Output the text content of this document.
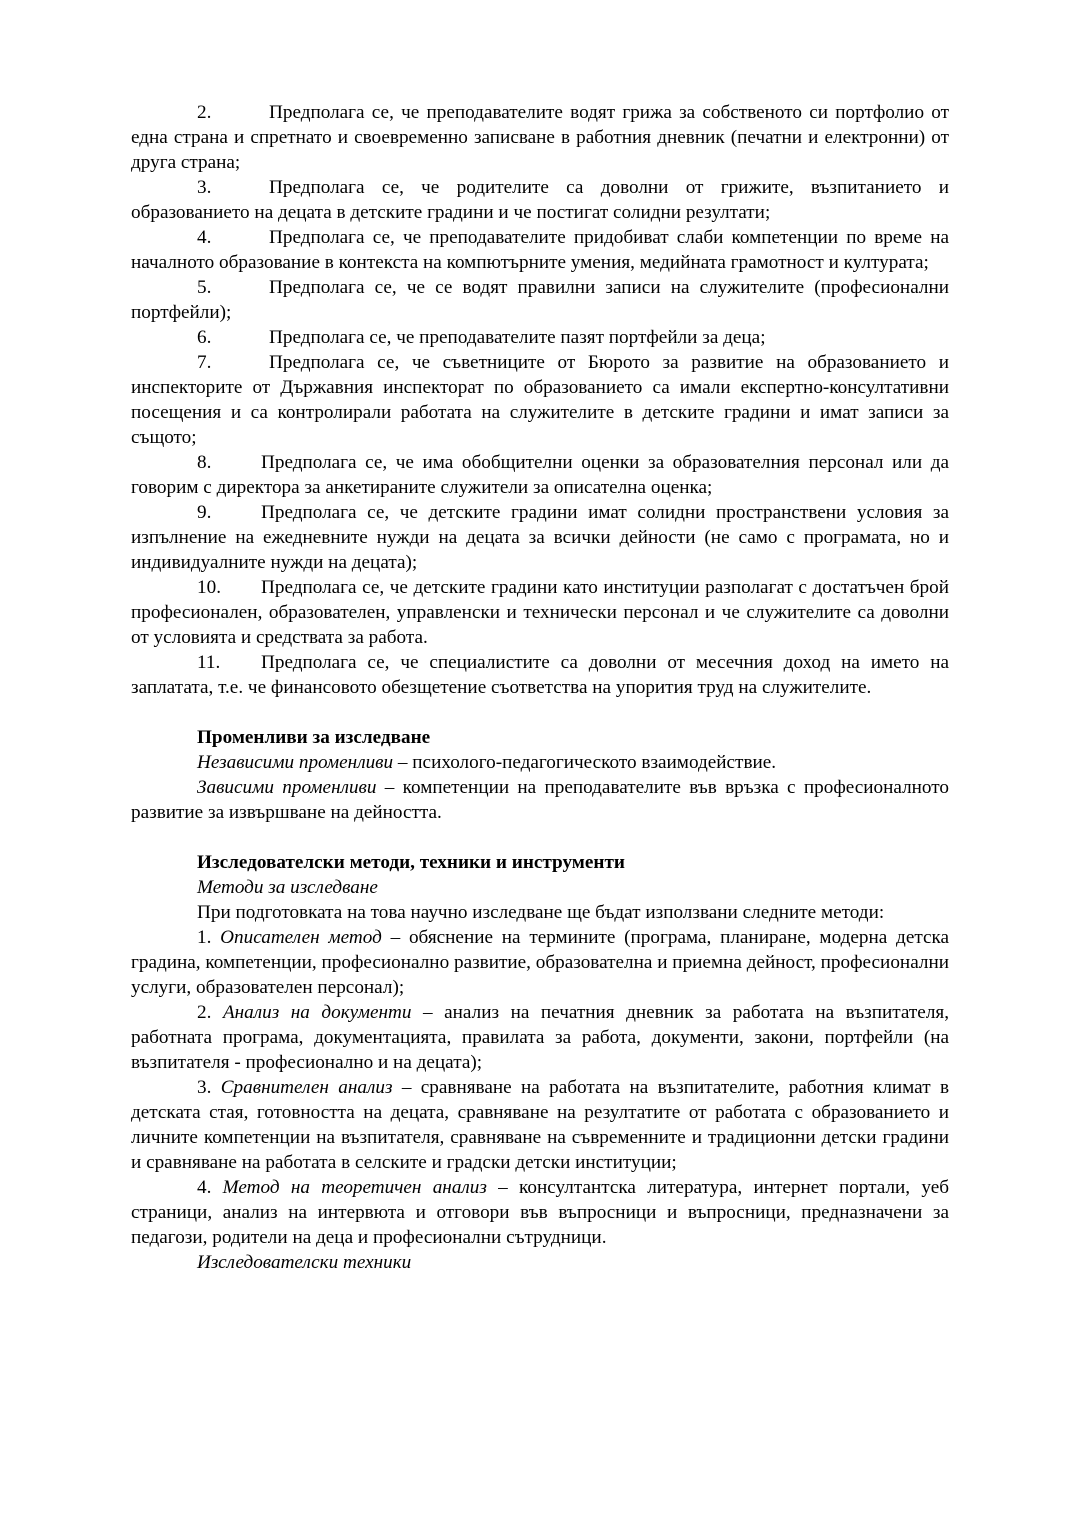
2.	Предполага се, че преподавателите водят грижа за собственото си портфолио от една страна и спретнато и своевременно записване в работния дневник (печатни и електронни) от друга страна;

3.	Предполага се, че родителите са доволни от грижите, възпитанието и образованието на децата в детските градини и че постигат солидни резултати;

4.	Предполага се, че преподавателите придобиват слаби компетенции по време на началното образование в контекста на компютърните умения, медийната грамотност и културата;

5.	Предполага се, че се водят правилни записи на служителите (професионални портфейли);

6.	Предполага се, че преподавателите пазят портфейли за деца;

7.	Предполага се, че съветниците от Бюрото за развитие на образованието и инспекторите от Държавния инспекторат по образованието са имали експертно-консултативни посещения и са контролирали работата на служителите в детските градини и имат записи за същото;

8.	Предполага се, че има обобщителни оценки за образователния персонал или да говорим с директора за анкетираните служители за описателна оценка;

9.	Предполага се, че детските градини имат солидни пространствени условия за изпълнение на ежедневните нужди на децата за всички дейности (не само с програмата, но и индивидуалните нужди на децата);

10. Предполага се, че детските градини като институции разполагат с достатъчен брой професионален, образователен, управленски и технически персонал и че служителите са доволни от условията и средствата за работа.

11. Предполага се, че специалистите са доволни от месечния доход на името на заплатата, т.е. че финансовото обезщетение съответства на упорития труд на служителите.

Променливи за изследване

Независими променливи – психолого-педагогическото взаимодействие.

Зависими променливи – компетенции на преподавателите във връзка с професионалното развитие за извършване на дейността.

Изследователски методи, техники и инструменти

Методи за изследване

При подготовката на това научно изследване ще бъдат използвани следните методи:

1. Описателен метод – обяснение на термините (програма, планиране, модерна детска градина, компетенции, професионално развитие, образователна и приемна дейност, професионални услуги, образователен персонал);

2. Анализ на документи – анализ на печатния дневник за работата на възпитателя, работната програма, документацията, правилата за работа, документи, закони, портфейли (на възпитателя - професионално и на децата);

3. Сравнителен анализ – сравняване на работата на възпитателите, работния климат в детската стая, готовността на децата, сравняване на резултатите от работата с образованието и личните компетенции на възпитателя, сравняване на съвременните и традиционни детски градини и сравняване на работата в селските и градски детски институции;

4. Метод на теоретичен анализ – консултантска литература, интернет портали, уеб страници, анализ на интервюта и отговори във въпросници и въпросници, предназначени за педагози, родители на деца и професионални сътрудници.

Изследователски техники
